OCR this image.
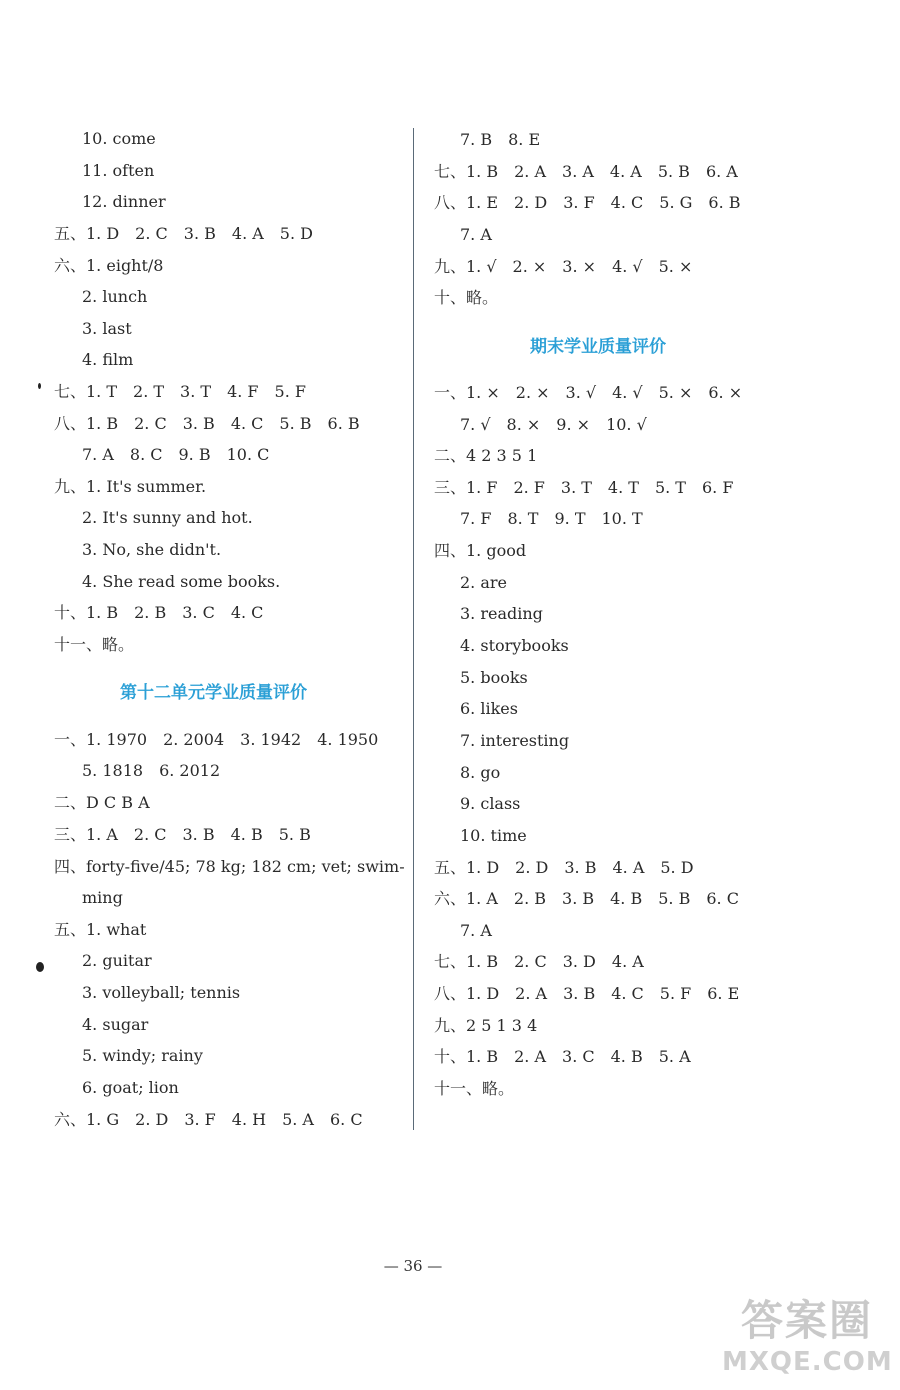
10. come
11. often
12. dinner
五、1. D　2. C　3. B　4. A　5. D
六、1. eight/8
2. lunch
3. last
4. film
七、1. T　2. T　3. T　4. F　5. F
八、1. B　2. C　3. B　4. C　5. B　6. B
7. A　8. C　9. B　10. C
九、1. It's summer.
2. It's sunny and hot.
3. No, she didn't.
4. She read some books.
十、1. B　2. B　3. C　4. C
十一、略。
第十二单元学业质量评价
一、1. 1970　2. 2004　3. 1942　4. 1950
5. 1818　6. 2012
二、D C B A
三、1. A　2. C　3. B　4. B　5. B
四、forty-five/45; 78 kg; 182 cm; vet; swim-
ming
五、1. what
2. guitar
3. volleyball; tennis
4. sugar
5. windy; rainy
6. goat; lion
六、1. G　2. D　3. F　4. H　5. A　6. C
7. B　8. E
七、1. B　2. A　3. A　4. A　5. B　6. A
八、1. E　2. D　3. F　4. C　5. G　6. B
7. A
九、1. √　2. ×　3. ×　4. √　5. ×
十、略。
期末学业质量评价
一、1. ×　2. ×　3. √　4. √　5. ×　6. ×
7. √　8. ×　9. ×　10. √
二、4 2 3 5 1
三、1. F　2. F　3. T　4. T　5. T　6. F
7. F　8. T　9. T　10. T
四、1. good
2. are
3. reading
4. storybooks
5. books
6. likes
7. interesting
8. go
9. class
10. time
五、1. D　2. D　3. B　4. A　5. D
六、1. A　2. B　3. B　4. B　5. B　6. C
7. A
七、1. B　2. C　3. D　4. A
八、1. D　2. A　3. B　4. C　5. F　6. E
九、2 5 1 3 4
十、1. B　2. A　3. C　4. B　5. A
十一、略。
— 36 —
答案圈
MXQE.COM
